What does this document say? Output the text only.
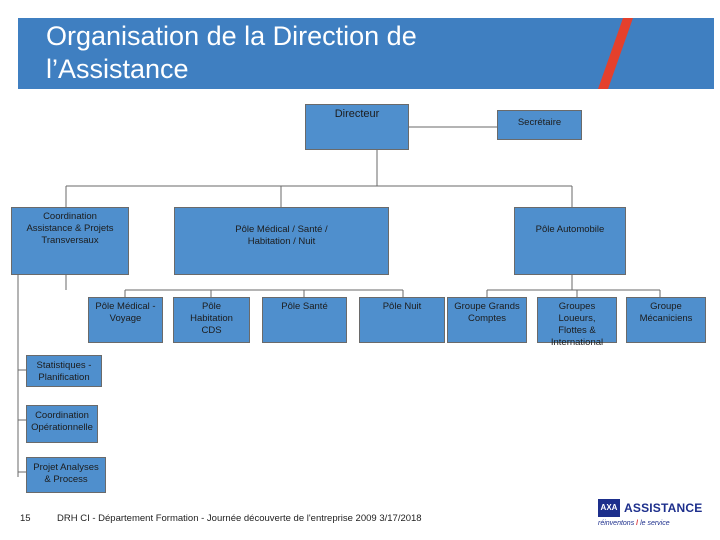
Organisation de la Direction de
l’Assistance
Directeur
Secrétaire
Coordination Assistance & Projets Transversaux
Pôle Médical / Santé / Habitation / Nuit
Pôle Automobile
Pôle Médical - Voyage
Pôle Habitation CDS
Pôle Santé	Pôle Nuit	Groupe Grands Comptes
Groupes Loueurs, Flottes & International
Groupe Mécaniciens
Statistiques - Planification
Coordination Opérationnelle
Projet Analyses & Process
15	DRH CI - Département Formation - Journée découverte de l'entreprise 2009 3/17/2018
AXA ASSISTANCE
réinventons / le service
